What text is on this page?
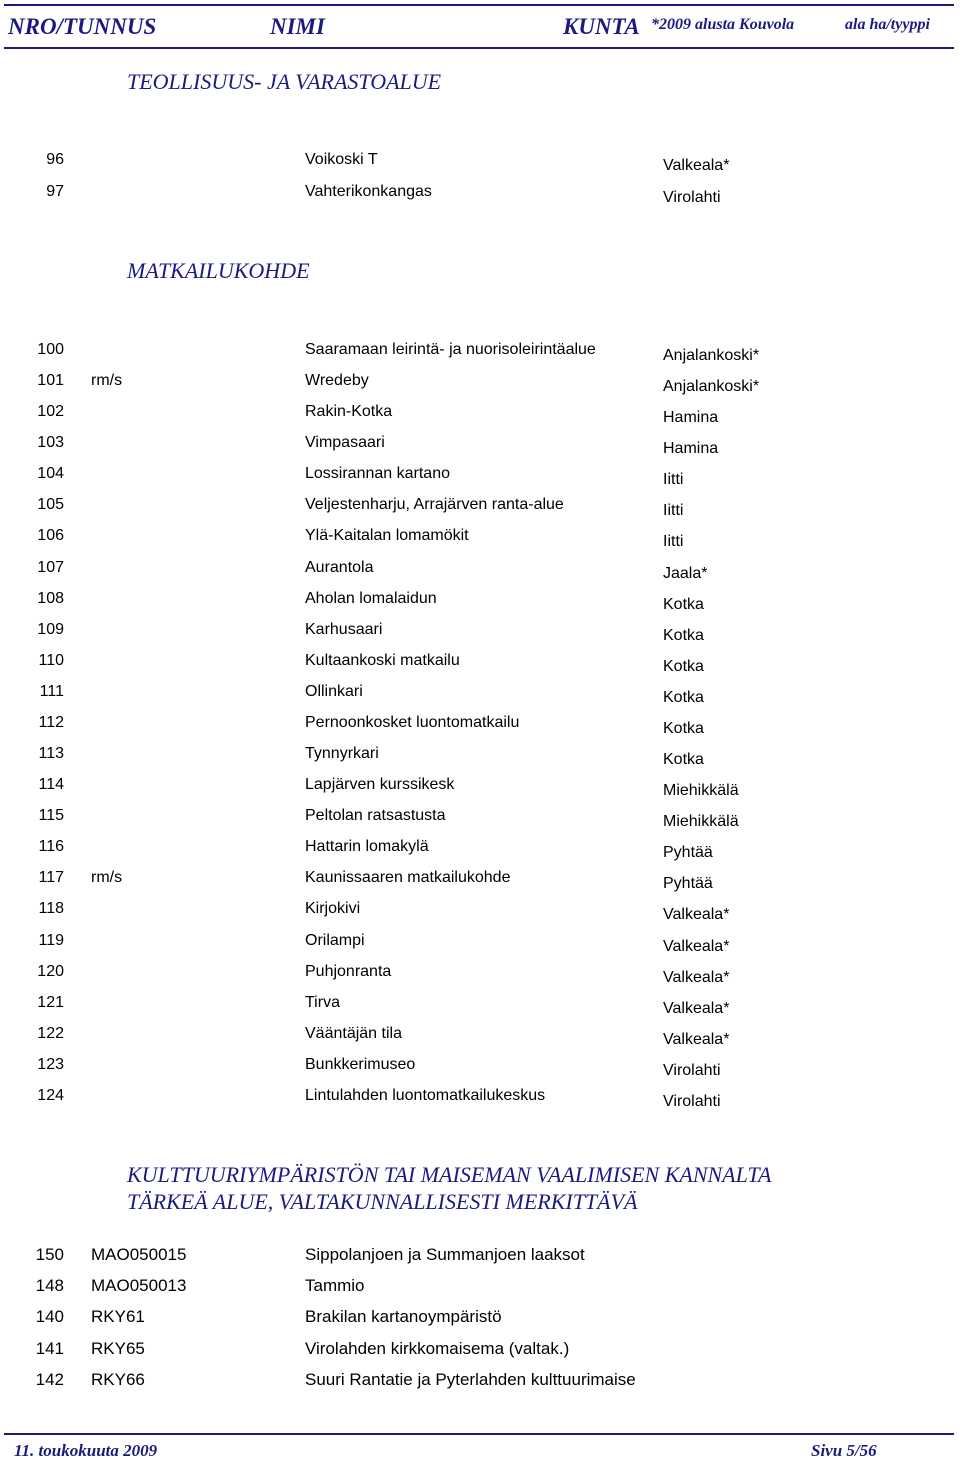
NRO/TUNNUS	NIMI	KUNTA *2009 alusta Kouvola	ala ha/tyyppi
TEOLLISUUS- JA VARASTOALUE
MATKAILUKOHDE
KULTTUURIYMPÄRISTÖN TAI MAISEMAN VAALIMISEN KANNALTA
TÄRKEÄ ALUE, VALTAKUNNALLISESTI MERKITTÄVÄ
96	Voikoski T	Valkeala*
97	Vahterikonkangas	Virolahti
100	Saaramaan leirintä- ja nuorisoleirintäalue	Anjalankoski*
101 rm/s	Wredeby	Anjalankoski*
102	Rakin-Kotka	Hamina
103	Vimpasaari	Hamina
104	Lossirannan kartano	Iitti
105	Veljestenharju, Arrajärven ranta-alue	Iitti
106	Ylä-Kaitalan lomamökit	Iitti
107	Aurantola	Jaala*
108	Aholan lomalaidun	Kotka
109	Karhusaari	Kotka
110	Kultaankoski matkailu	Kotka
111	Ollinkari	Kotka
112	Pernoonkosket luontomatkailu	Kotka
113	Tynnyrkari	Kotka
114	Lapjärven kurssikesk	Miehikkälä
115	Peltolan ratsastusta	Miehikkälä
116	Hattarin lomakylä	Pyhtää
117 rm/s	Kaunissaaren matkailukohde	Pyhtää
118	Kirjokivi	Valkeala*
119	Orilampi	Valkeala*
120	Puhjonranta	Valkeala*
121	Tirva	Valkeala*
122	Vääntäjän tila	Valkeala*
123	Bunkkerimuseo	Virolahti
124	Lintulahden luontomatkailukeskus	Virolahti
150 MAO050015	Sippolanjoen ja Summanjoen laaksot
148 MAO050013	Tammio
140 RKY61	Brakilan kartanoympäristö
141 RKY65	Virolahden kirkkomaisema (valtak.)
142 RKY66	Suuri Rantatie ja Pyterlahden kulttuurimaise
11. toukokuuta 2009	Sivu 5/56
